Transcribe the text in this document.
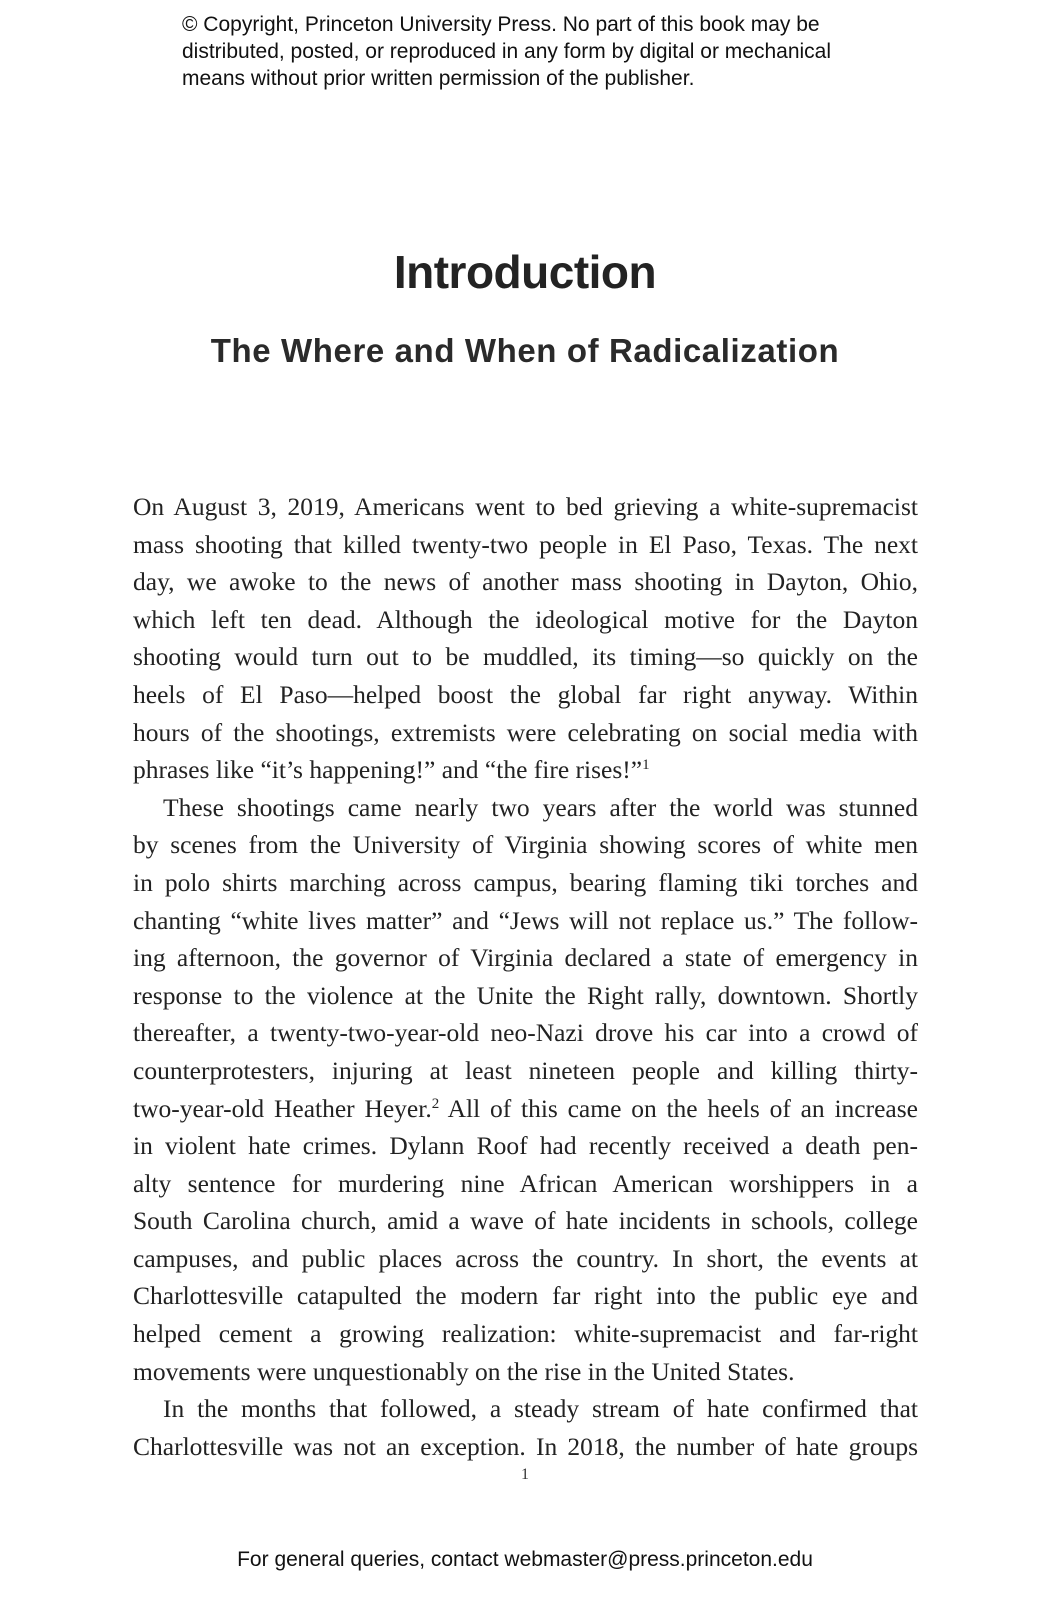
© Copyright, Princeton University Press. No part of this book may be
distributed, posted, or reproduced in any form by digital or mechanical
means without prior written permission of the publisher.
Introduction
The Where and When of Radicalization
On August 3, 2019, Americans went to bed grieving a white-supremacist
mass shooting that killed twenty-two people in El Paso, Texas. The next
day, we awoke to the news of another mass shooting in Dayton, Ohio,
which left ten dead. Although the ideological motive for the Dayton
shooting would turn out to be muddled, its timing—so quickly on the
heels of El Paso—helped boost the global far right anyway. Within
hours of the shootings, extremists were celebrating on social media with
phrases like “it’s happening!” and “the fire rises!”$^1$
These shootings came nearly two years after the world was stunned
by scenes from the University of Virginia showing scores of white men
in polo shirts marching across campus, bearing flaming tiki torches and
chanting “white lives matter” and “Jews will not replace us.” The follow-
ing afternoon, the governor of Virginia declared a state of emergency in
response to the violence at the Unite the Right rally, downtown. Shortly
thereafter, a twenty-two-year-old neo-Nazi drove his car into a crowd of
counterprotesters, injuring at least nineteen people and killing thirty-
two-year-old Heather Heyer.$^2$ All of this came on the heels of an increase
in violent hate crimes. Dylann Roof had recently received a death pen-
alty sentence for murdering nine African American worshippers in a
South Carolina church, amid a wave of hate incidents in schools, college
campuses, and public places across the country. In short, the events at
Charlottesville catapulted the modern far right into the public eye and
helped cement a growing realization: white-supremacist and far-right
movements were unquestionably on the rise in the United States.
In the months that followed, a steady stream of hate confirmed that
Charlottesville was not an exception. In 2018, the number of hate groups
1
For general queries, contact webmaster@press.princeton.edu
